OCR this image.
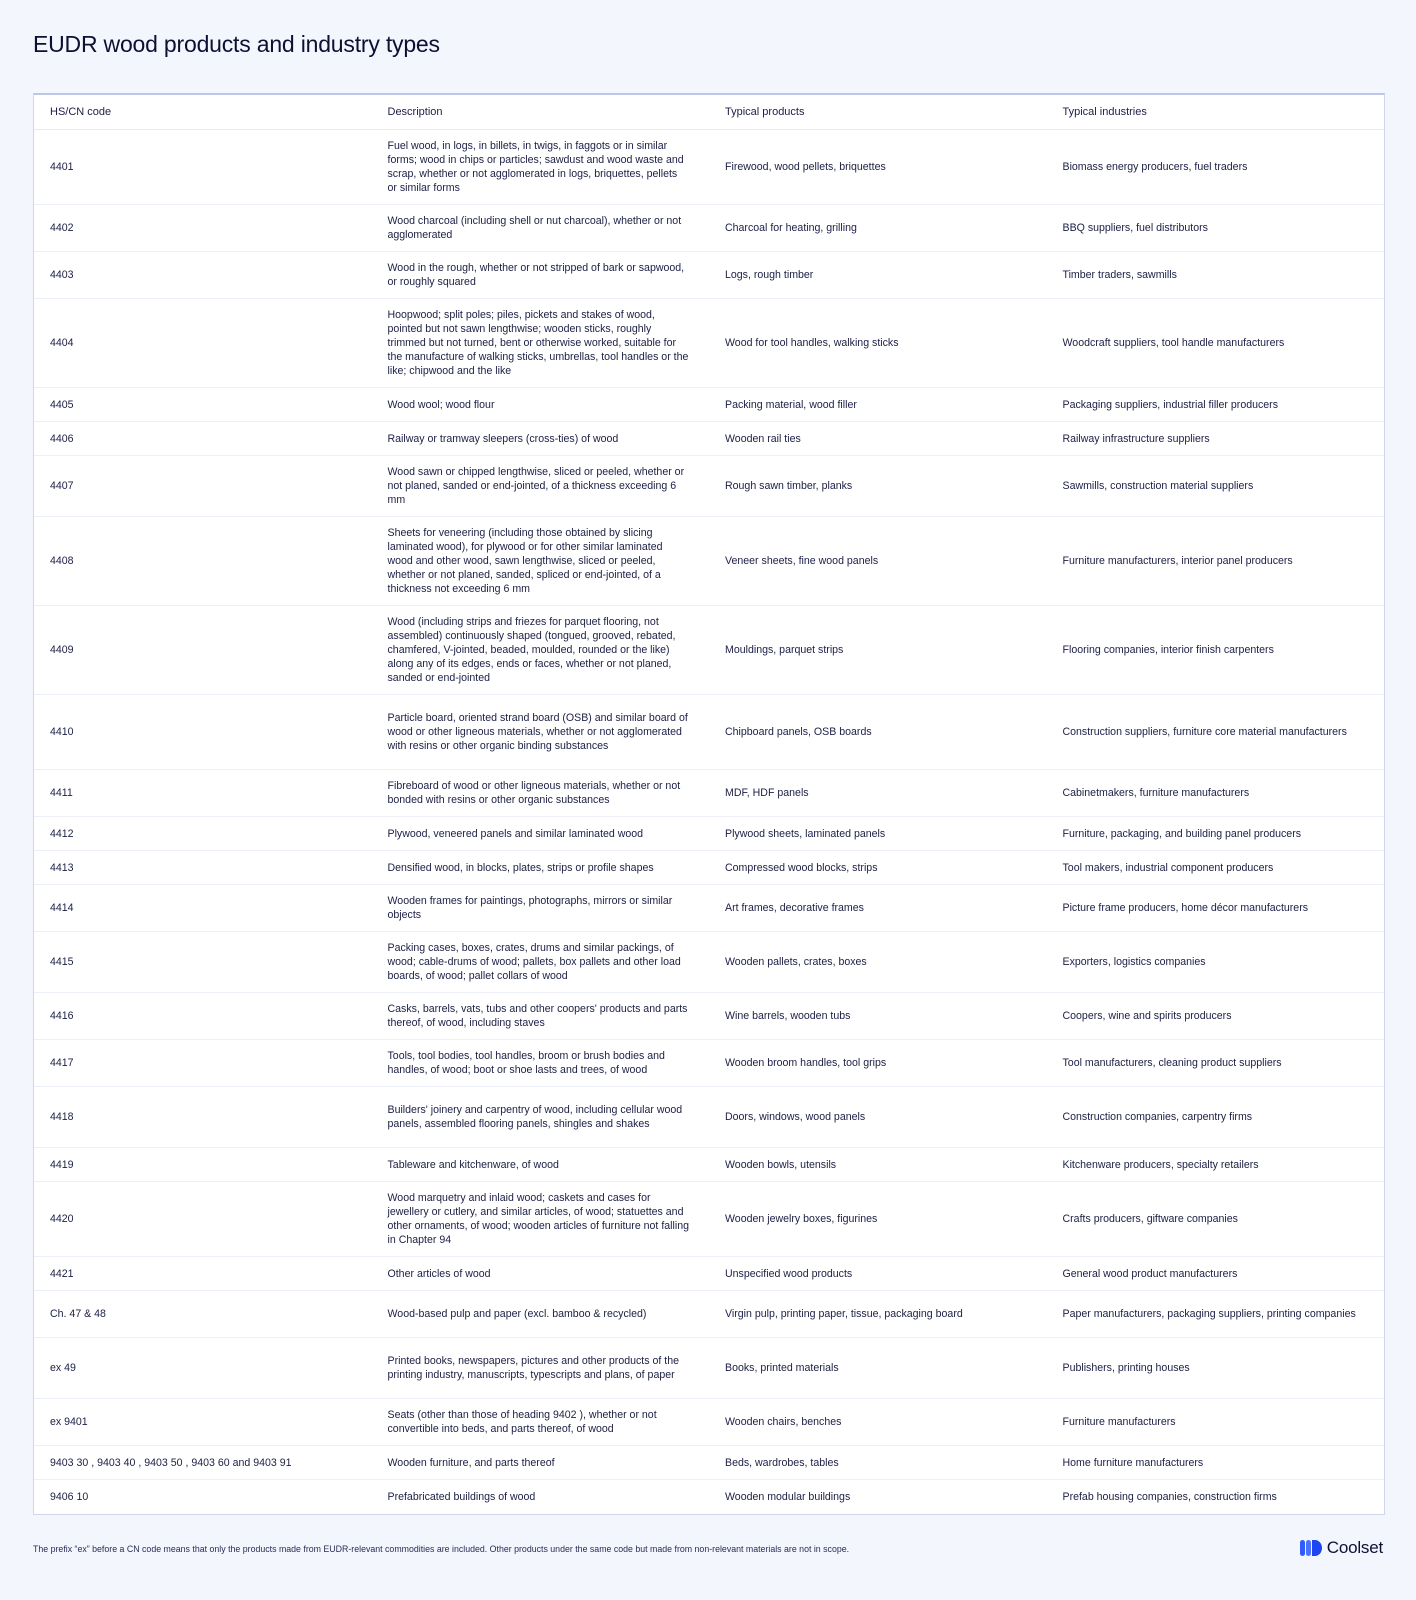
EUDR wood products and industry types
HS/CN code	Description	Typical products	Typical industries
4401	Fuel wood, in logs, in billets, in twigs, in faggots or in similar forms; wood in chips or particles; sawdust and wood waste and scrap, whether or not agglomerated in logs, briquettes, pellets or similar forms	Firewood, wood pellets, briquettes	Biomass energy producers, fuel traders
4402	Wood charcoal (including shell or nut charcoal), whether or not agglomerated	Charcoal for heating, grilling	BBQ suppliers, fuel distributors
4403	Wood in the rough, whether or not stripped of bark or sapwood, or roughly squared	Logs, rough timber	Timber traders, sawmills
4404	Hoopwood; split poles; piles, pickets and stakes of wood, pointed but not sawn lengthwise; wooden sticks, roughly trimmed but not turned, bent or otherwise worked, suitable for the manufacture of walking sticks, umbrellas, tool handles or the like; chipwood and the like	Wood for tool handles, walking sticks	Woodcraft suppliers, tool handle manufacturers
4405	Wood wool; wood flour	Packing material, wood filler	Packaging suppliers, industrial filler producers
4406	Railway or tramway sleepers (cross-ties) of wood	Wooden rail ties	Railway infrastructure suppliers
4407	Wood sawn or chipped lengthwise, sliced or peeled, whether or not planed, sanded or end-jointed, of a thickness exceeding 6 mm	Rough sawn timber, planks	Sawmills, construction material suppliers
4408	Sheets for veneering (including those obtained by slicing laminated wood), for plywood or for other similar laminated wood and other wood, sawn lengthwise, sliced or peeled, whether or not planed, sanded, spliced or end-jointed, of a thickness not exceeding 6 mm	Veneer sheets, fine wood panels	Furniture manufacturers, interior panel producers
4409	Wood (including strips and friezes for parquet flooring, not assembled) continuously shaped (tongued, grooved, rebated, chamfered, V-jointed, beaded, moulded, rounded or the like) along any of its edges, ends or faces, whether or not planed, sanded or end-jointed	Mouldings, parquet strips	Flooring companies, interior finish carpenters
4410	Particle board, oriented strand board (OSB) and similar board of wood or other ligneous materials, whether or not agglomerated with resins or other organic binding substances	Chipboard panels, OSB boards	Construction suppliers, furniture core material manufacturers
4411	Fibreboard of wood or other ligneous materials, whether or not bonded with resins or other organic substances	MDF, HDF panels	Cabinetmakers, furniture manufacturers
4412	Plywood, veneered panels and similar laminated wood	Plywood sheets, laminated panels	Furniture, packaging, and building panel producers
4413	Densified wood, in blocks, plates, strips or profile shapes	Compressed wood blocks, strips	Tool makers, industrial component producers
4414	Wooden frames for paintings, photographs, mirrors or similar objects	Art frames, decorative frames	Picture frame producers, home décor manufacturers
4415	Packing cases, boxes, crates, drums and similar packings, of wood; cable-drums of wood; pallets, box pallets and other load boards, of wood; pallet collars of wood	Wooden pallets, crates, boxes	Exporters, logistics companies
4416	Casks, barrels, vats, tubs and other coopers' products and parts thereof, of wood, including staves	Wine barrels, wooden tubs	Coopers, wine and spirits producers
4417	Tools, tool bodies, tool handles, broom or brush bodies and handles, of wood; boot or shoe lasts and trees, of wood	Wooden broom handles, tool grips	Tool manufacturers, cleaning product suppliers
4418	Builders' joinery and carpentry of wood, including cellular wood panels, assembled flooring panels, shingles and shakes	Doors, windows, wood panels	Construction companies, carpentry firms
4419	Tableware and kitchenware, of wood	Wooden bowls, utensils	Kitchenware producers, specialty retailers
4420	Wood marquetry and inlaid wood; caskets and cases for jewellery or cutlery, and similar articles, of wood; statuettes and other ornaments, of wood; wooden articles of furniture not falling in Chapter 94	Wooden jewelry boxes, figurines	Crafts producers, giftware companies
4421	Other articles of wood	Unspecified wood products	General wood product manufacturers
Ch. 47 & 48	Wood-based pulp and paper (excl. bamboo & recycled)	Virgin pulp, printing paper, tissue, packaging board	Paper manufacturers, packaging suppliers, printing companies
ex 49	Printed books, newspapers, pictures and other products of the printing industry, manuscripts, typescripts and plans, of paper	Books, printed materials	Publishers, printing houses
ex 9401	Seats (other than those of heading 9402 ), whether or not convertible into beds, and parts thereof, of wood	Wooden chairs, benches	Furniture manufacturers
9403 30 , 9403 40 , 9403 50 , 9403 60 and 9403 91	Wooden furniture, and parts thereof	Beds, wardrobes, tables	Home furniture manufacturers
9406 10	Prefabricated buildings of wood	Wooden modular buildings	Prefab housing companies, construction firms

The prefix “ex” before a CN code means that only the products made from EUDR-relevant commodities are included. Other products under the same code but made from non-relevant materials are not in scope.	Coolset
